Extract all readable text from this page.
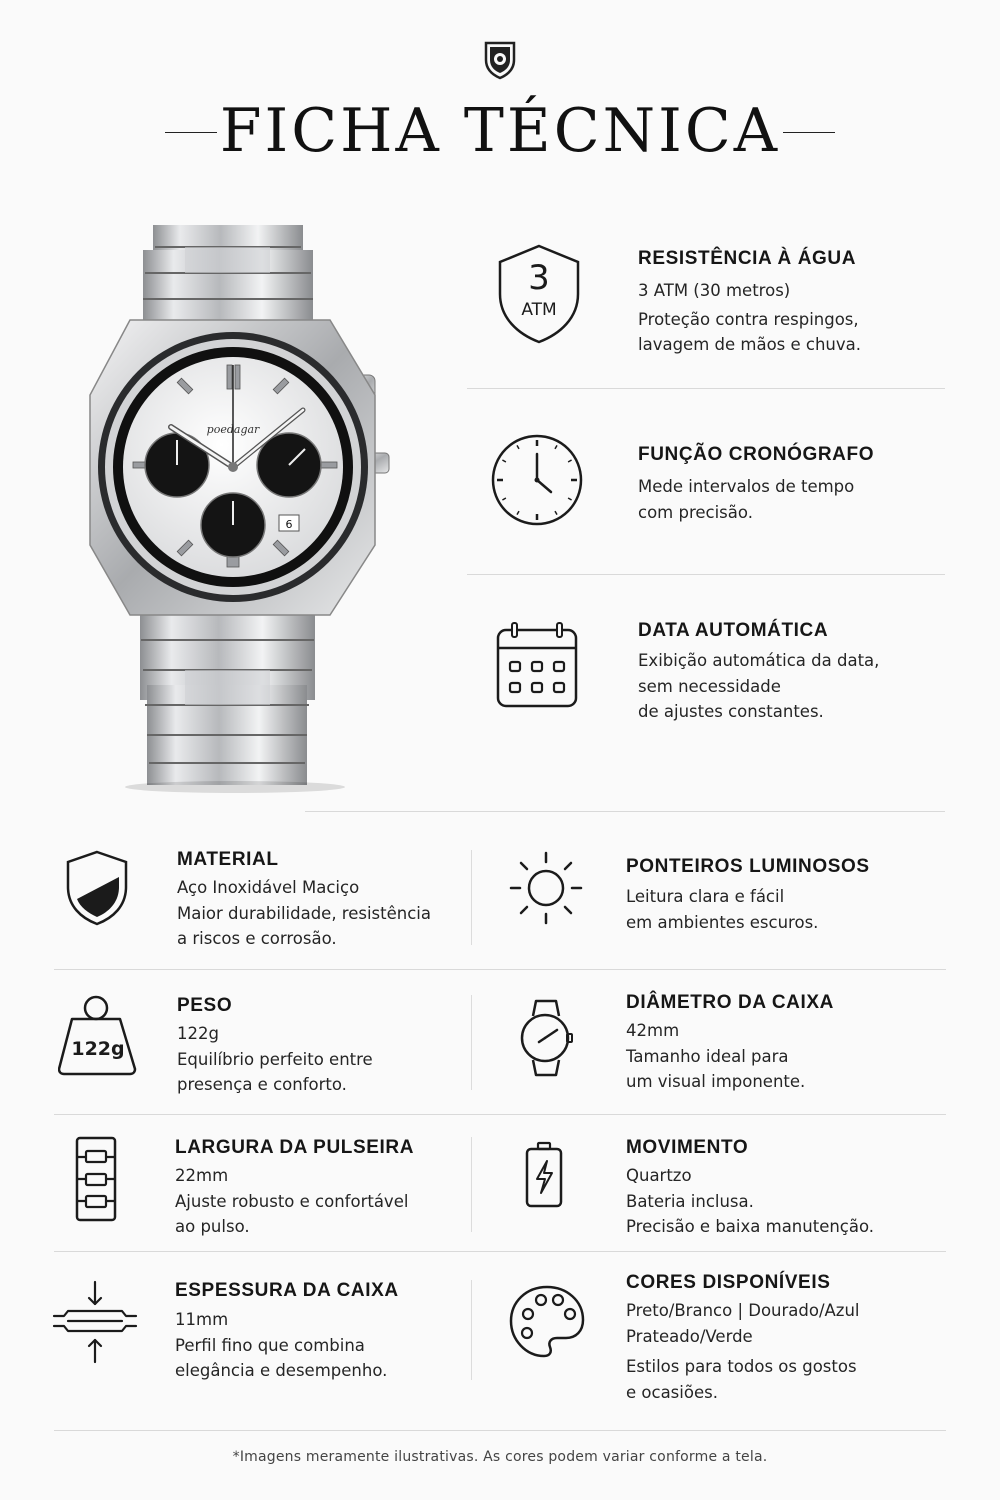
FICHA TÉCNICA
6
poedagar
3
ATM
RESISTÊNCIA À ÁGUA
3 ATM (30 metros)
Proteção contra respingos,
lavagem de mãos e chuva.
FUNÇÃO CRONÓGRAFO
Mede intervalos de tempo
com precisão.
DATA AUTOMÁTICA
Exibição automática da data,
sem necessidade
de ajustes constantes.
MATERIAL
Aço Inoxidável Maciço
Maior durabilidade, resistência
a riscos e corrosão.
PONTEIROS LUMINOSOS
Leitura clara e fácil
em ambientes escuros.
122g
PESO
122g
Equilíbrio perfeito entre
presença e conforto.
DIÂMETRO DA CAIXA
42mm
Tamanho ideal para
um visual imponente.
LARGURA DA PULSEIRA
22mm
Ajuste robusto e confortável
ao pulso.
MOVIMENTO
Quartzo
Bateria inclusa.
Precisão e baixa manutenção.
ESPESSURA DA CAIXA
11mm
Perfil fino que combina
elegância e desempenho.
CORES DISPONÍVEIS
Preto/Branco | Dourado/Azul
Prateado/Verde
Estilos para todos os gostos
e ocasiões.
*Imagens meramente ilustrativas. As cores podem variar conforme a tela.
